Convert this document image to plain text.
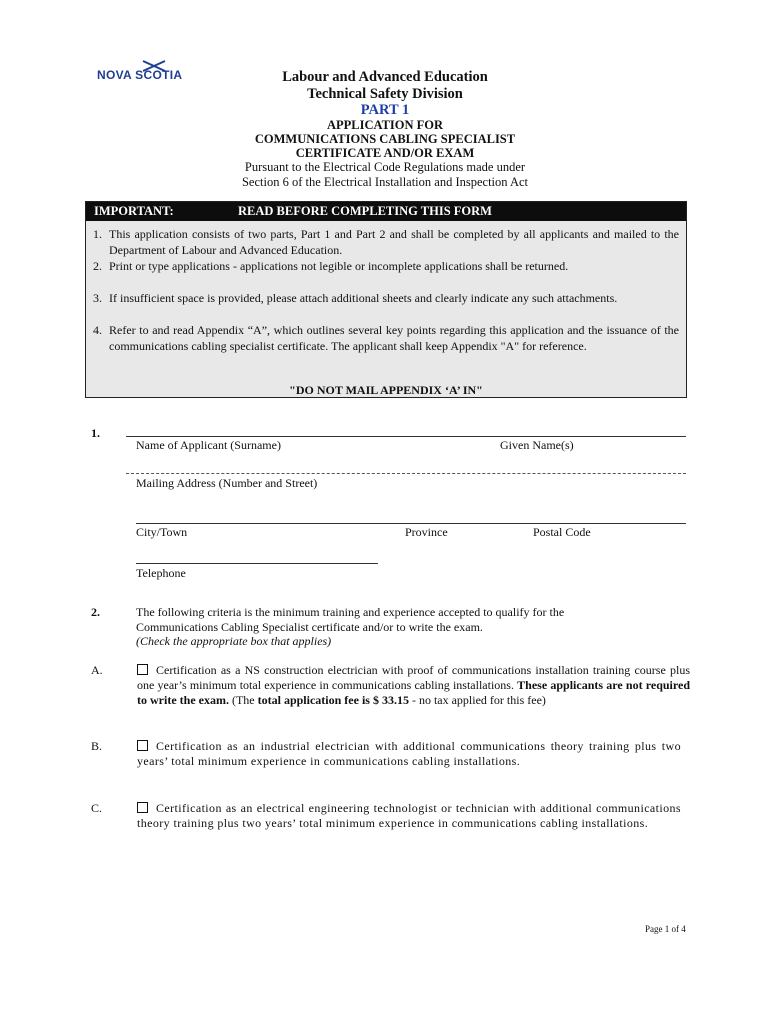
NOVA SCOTIA	Labour and Advanced Education
Technical Safety Division
PART 1
APPLICATION FOR
COMMUNICATIONS CABLING SPECIALIST
CERTIFICATE AND/OR EXAM
Pursuant to the Electrical Code Regulations made under
Section 6 of the Electrical Installation and Inspection Act
IMPORTANT:	READ BEFORE COMPLETING THIS FORM
1. This application consists of two parts, Part 1 and Part 2 and shall be completed by all applicants and mailed to the Department of Labour and Advanced Education.
2. Print or type applications - applications not legible or incomplete applications shall be returned.
3. If insufficient space is provided, please attach additional sheets and clearly indicate any such attachments.
4. Refer to and read Appendix “A”, which outlines several key points regarding this application and the issuance of the communications cabling specialist certificate. The applicant shall keep Appendix "A" for reference.
"DO NOT MAIL APPENDIX ‘A’ IN"
1.
Name of Applicant (Surname)	Given Name(s)
Mailing Address (Number and Street)
City/Town	Province	Postal Code
Telephone
2.	The following criteria is the minimum training and experience accepted to qualify for the
Communications Cabling Specialist certificate and/or to write the exam.
(Check the appropriate box that applies)
A.	Certification as a NS construction electrician with proof of communications installation training course plus one year’s minimum total experience in communications cabling installations. These applicants are not required to write the exam. (The total application fee is $ 33.15 - no tax applied for this fee)
B.	Certification as an industrial electrician with additional communications theory training plus two years’ total minimum experience in communications cabling installations.
C.	Certification as an electrical engineering technologist or technician with additional communications theory training plus two years’ total minimum experience in communications cabling installations.
Page 1 of 4
